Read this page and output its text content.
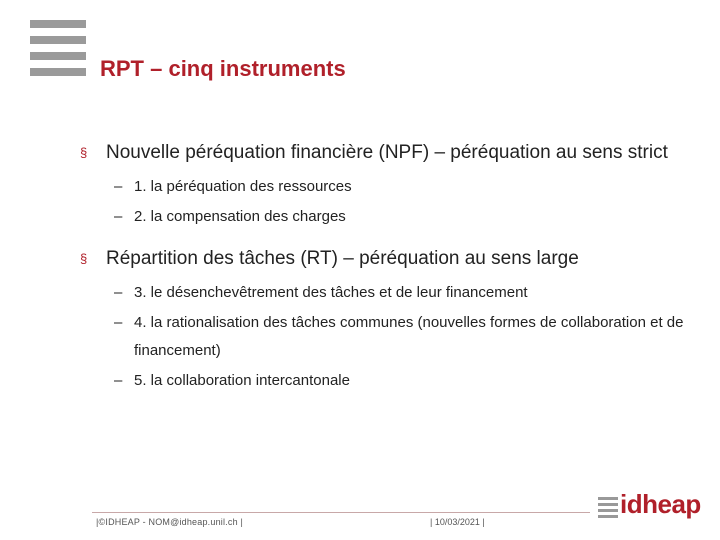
RPT – cinq instruments
§ Nouvelle péréquation financière (NPF) – péréquation au sens strict
– 1. la péréquation des ressources
– 2. la compensation des charges
§ Répartition des tâches (RT) – péréquation au sens large
– 3. le désenchevêtrement des tâches et de leur financement
– 4. la rationalisation des tâches communes (nouvelles formes de collaboration et de financement)
– 5. la collaboration intercantonale
|©IDHEAP - NOM@idheap.unil.ch |	| 10/03/2021 |
idheap
